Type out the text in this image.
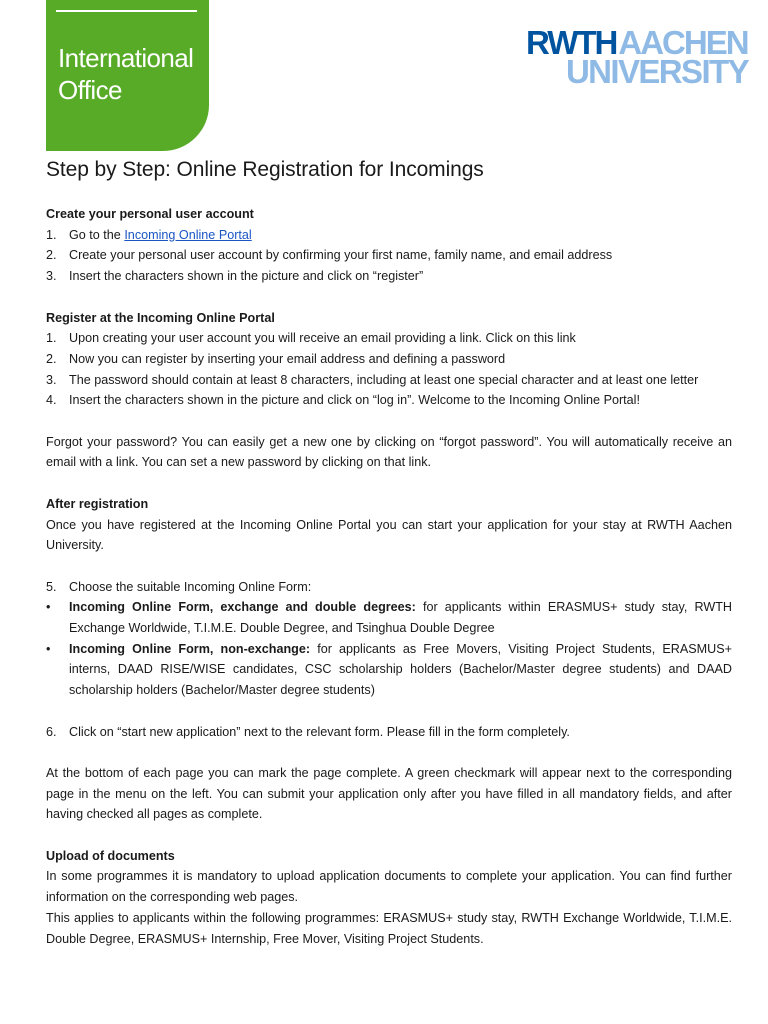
International
Office
RWTH AACHEN
UNIVERSITY
Step by Step: Online Registration for Incomings
Create your personal user account
1. Go to the Incoming Online Portal
2. Create your personal user account by confirming your first name, family name, and email address
3. Insert the characters shown in the picture and click on “register”
Register at the Incoming Online Portal
1. Upon creating your user account you will receive an email providing a link. Click on this link
2. Now you can register by inserting your email address and defining a password
3. The password should contain at least 8 characters, including at least one special character and at least one letter
4. Insert the characters shown in the picture and click on “log in”. Welcome to the Incoming Online Portal!

Forgot your password? You can easily get a new one by clicking on “forgot password”. You will automatically receive an email with a link. You can set a new password by clicking on that link.

After registration

Once you have registered at the Incoming Online Portal you can start your application for your stay at RWTH Aachen University.

5. Choose the suitable Incoming Online Form:
•	Incoming Online Form, exchange and double degrees: for applicants within ERASMUS+ study stay, RWTH Exchange Worldwide, T.I.M.E. Double Degree, and Tsinghua Double Degree
•	Incoming Online Form, non-exchange: for applicants as Free Movers, Visiting Project Students, ERASMUS+ interns, DAAD RISE/WISE candidates, CSC scholarship holders (Bachelor/Master degree students) and DAAD scholarship holders (Bachelor/Master degree students)
6. Click on “start new application” next to the relevant form. Please fill in the form completely.

At the bottom of each page you can mark the page complete. A green checkmark will appear next to the corresponding page in the menu on the left. You can submit your application only after you have filled in all mandatory fields, and after having checked all pages as complete.

Upload of documents

In some programmes it is mandatory to upload application documents to complete your application. You can find further information on the corresponding web pages.

This applies to applicants within the following programmes: ERASMUS+ study stay, RWTH Exchange Worldwide, T.I.M.E. Double Degree, ERASMUS+ Internship, Free Mover, Visiting Project Students.
